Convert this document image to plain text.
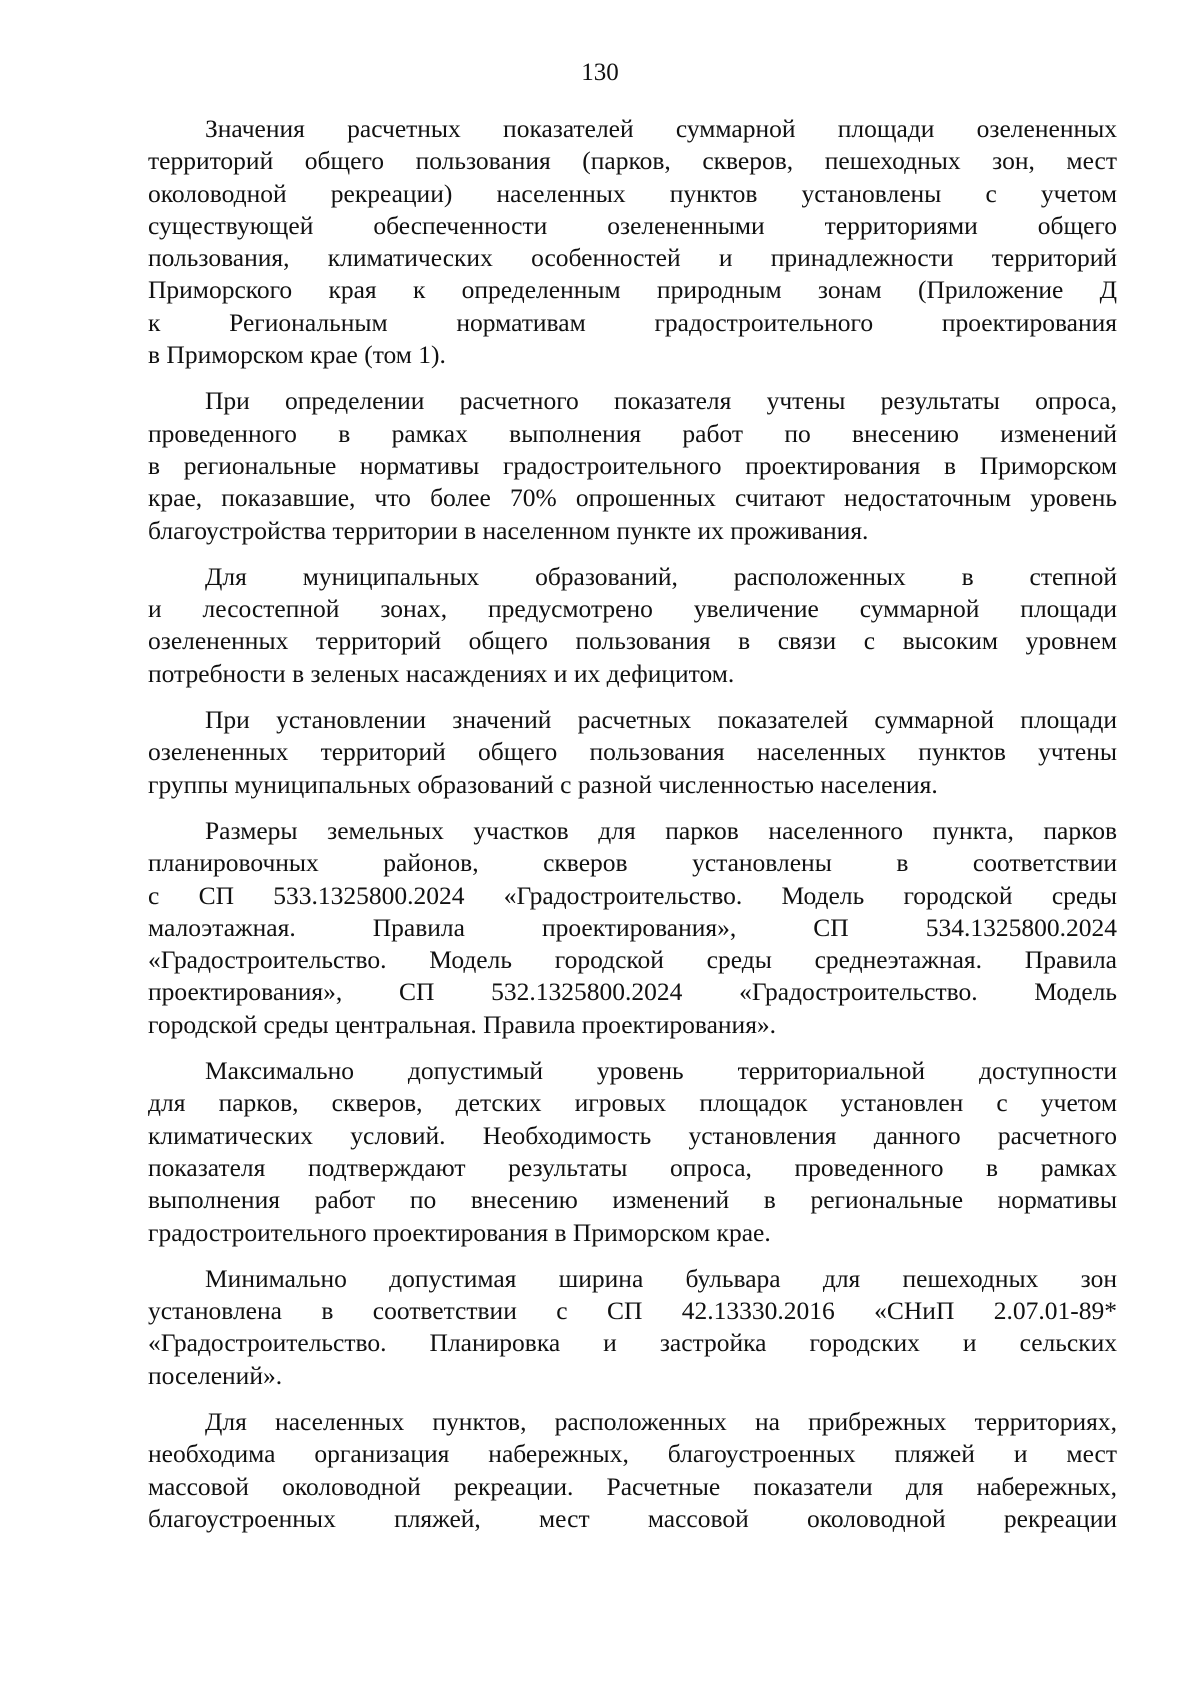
130

Значения расчетных показателей суммарной площади озелененных
территорий общего пользования (парков, скверов, пешеходных зон, мест
околоводной рекреации) населенных пунктов установлены с учетом
существующей обеспеченности озелененными территориями общего
пользования, климатических особенностей и принадлежности территорий
Приморского края к определенным природным зонам (Приложение Д
к Региональным нормативам градостроительного проектирования
в Приморском крае (том 1).

При определении расчетного показателя учтены результаты опроса,
проведенного в рамках выполнения работ по внесению изменений
в региональные нормативы градостроительного проектирования в Приморском
крае, показавшие, что более 70% опрошенных считают недостаточным уровень
благоустройства территории в населенном пункте их проживания.

Для муниципальных образований, расположенных в степной
и лесостепной зонах, предусмотрено увеличение суммарной площади
озелененных территорий общего пользования в связи с высоким уровнем
потребности в зеленых насаждениях и их дефицитом.

При установлении значений расчетных показателей суммарной площади
озелененных территорий общего пользования населенных пунктов учтены
группы муниципальных образований с разной численностью населения.

Размеры земельных участков для парков населенного пункта, парков
планировочных районов, скверов установлены в соответствии
с СП 533.1325800.2024 «Градостроительство. Модель городской среды
малоэтажная. Правила проектирования», СП 534.1325800.2024
«Градостроительство. Модель городской среды среднеэтажная. Правила
проектирования», СП 532.1325800.2024 «Градостроительство. Модель
городской среды центральная. Правила проектирования».

Максимально допустимый уровень территориальной доступности
для парков, скверов, детских игровых площадок установлен с учетом
климатических условий. Необходимость установления данного расчетного
показателя подтверждают результаты опроса, проведенного в рамках
выполнения работ по внесению изменений в региональные нормативы
градостроительного проектирования в Приморском крае.

Минимально допустимая ширина бульвара для пешеходных зон
установлена в соответствии с СП 42.13330.2016 «СНиП 2.07.01-89*
«Градостроительство. Планировка и застройка городских и сельских
поселений».

Для населенных пунктов, расположенных на прибрежных территориях,
необходима организация набережных, благоустроенных пляжей и мест
массовой околоводной рекреации. Расчетные показатели для набережных,
благоустроенных пляжей, мест массовой околоводной рекреации
